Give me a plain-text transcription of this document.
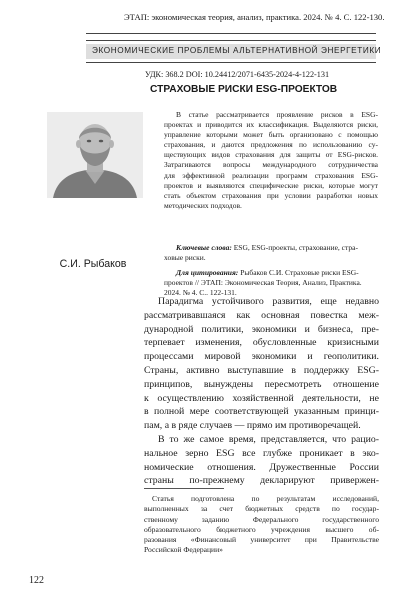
ЭТАП: экономическая теория, анализ, практика. 2024. № 4. С. 122-130.
ЭКОНОМИЧЕСКИЕ ПРОБЛЕМЫ АЛЬТЕРНАТИВНОЙ ЭНЕРГЕТИКИ
УДК: 368.2 DOI: 10.24412/2071-6435-2024-4-122-131
СТРАХОВЫЕ РИСКИ ESG-ПРОЕКТОВ
С.И. Рыбаков
В статье рассматривается проявление рисков в ESG-
проектах и приводится их классификация. Выделяются риски,
управление которыми может быть организовано с помощью
страхования, и даются предложения по использованию су-
ществующих видов страхования для защиты от ESG-рисков.
Затрагиваются вопросы международного сотрудничества
для эффективной реализации программ страхования ESG-
проектов и выявляются специфические риски, которые могут
стать объектом страхования при условии разработки новых
методических подходов.
Ключевые слова: ESG, ESG-проекты, страхование, стра-
ховые риски.
Для цитирования: Рыбаков С.И. Страховые риски ESG-
проектов // ЭТАП: Экономическая Теория, Анализ, Практика.
2024. № 4. С.. 122-131.
Парадигма устойчивого развития, еще недавно
рассматривавшаяся как основная повестка меж-
дународной политики, экономики и бизнеса, пре-
терпевает изменения, обусловленные кризисными
процессами мировой экономики и геополитики.
Страны, активно выступавшие в поддержку ESG-
принципов, вынуждены пересмотреть отношение
к осуществлению хозяйственной деятельности, не
в полной мере соответствующей указанным принци-
пам, а в ряде случаев — прямо им противоречащей.
В то же самое время, представляется, что рацио-
нальное зерно ESG все глубже проникает в эко-
номические отношения. Дружественные России
страны по-прежнему декларируют привержен-
Статья подготовлена по результатам исследований,
выполненных за счет бюджетных средств по государ-
ственному заданию Федерального государственного
образовательного бюджетного учреждения высшего об-
разования «Финансовый университет при Правительстве
Российской Федерации»
122
